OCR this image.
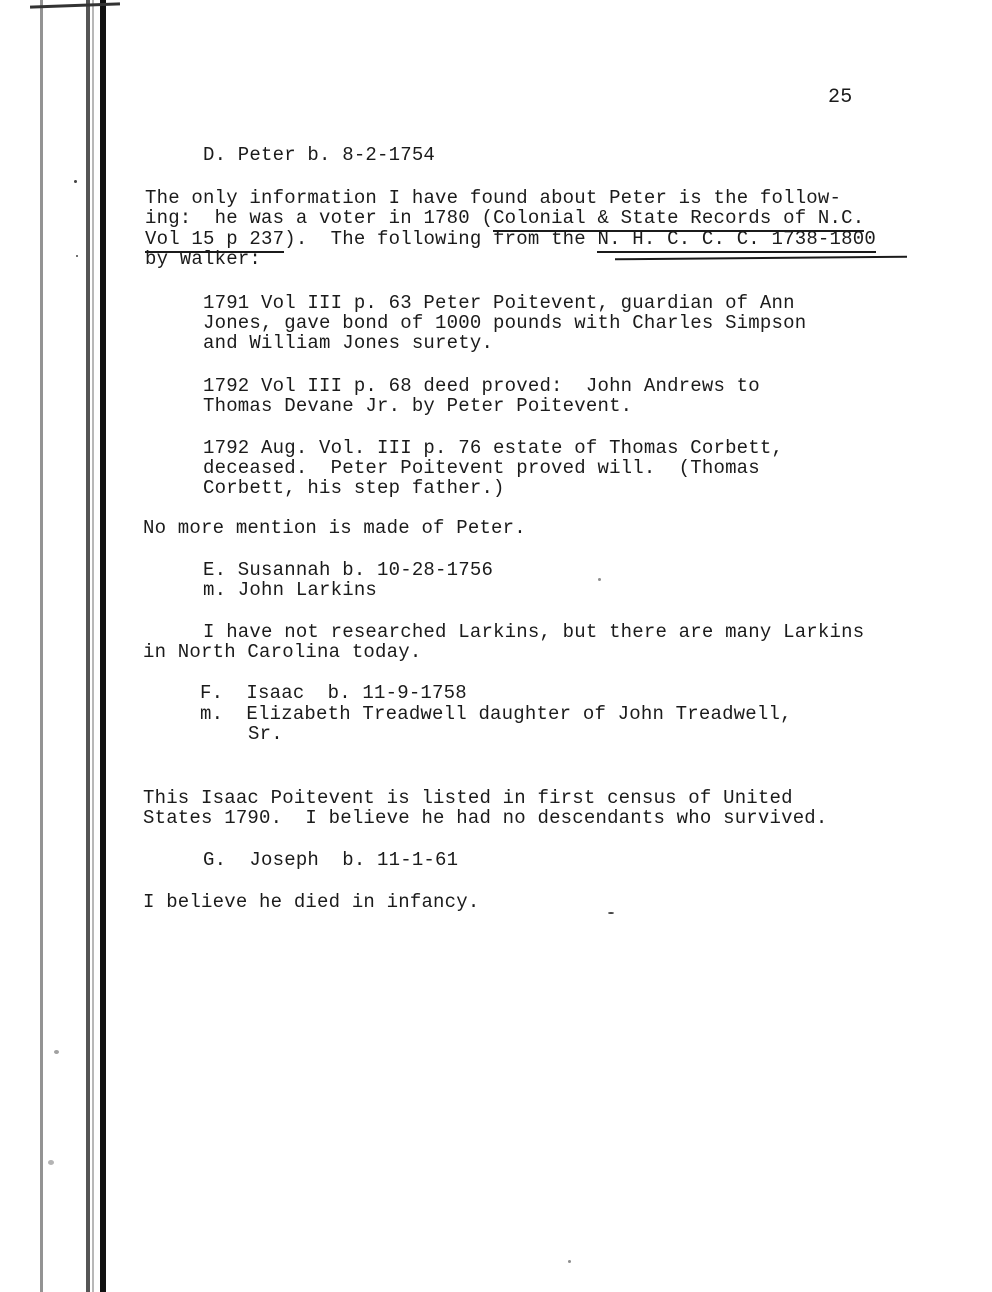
25
D. Peter b. 8-2-1754
The only information I have found about Peter is the follow-
ing:  he was a voter in 1780 (Colonial & State Records of N.C.
Vol 15 p 237).  The following from the N. H. C. C. C. 1738-1800
by Walker:
1791 Vol III p. 63 Peter Poitevent, guardian of Ann
Jones, gave bond of 1000 pounds with Charles Simpson
and William Jones surety.
1792 Vol III p. 68 deed proved:  John Andrews to
Thomas Devane Jr. by Peter Poitevent.
1792 Aug. Vol. III p. 76 estate of Thomas Corbett,
deceased.  Peter Poitevent proved will.  (Thomas
Corbett, his step father.)
No more mention is made of Peter.
E. Susannah b. 10-28-1756
m. John Larkins
I have not researched Larkins, but there are many Larkins
in North Carolina today.
F.  Isaac  b. 11-9-1758
m.  Elizabeth Treadwell daughter of John Treadwell,
Sr.
This Isaac Poitevent is listed in first census of United
States 1790.  I believe he had no descendants who survived.
G.  Joseph  b. 11-1-61
I believe he died in infancy.
